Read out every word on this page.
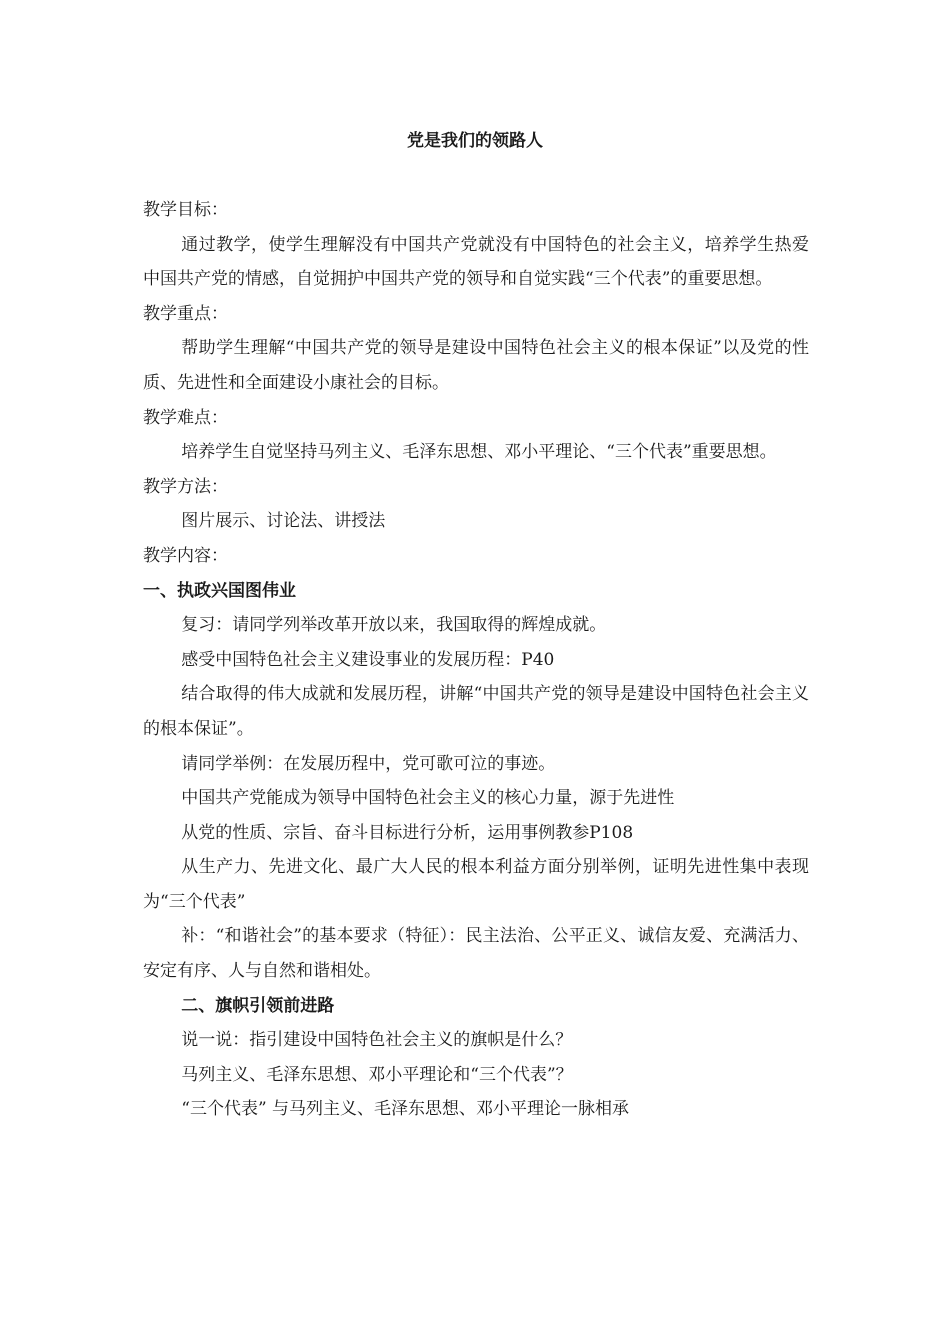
党是我们的领路人

教学目标：

通过教学，使学生理解没有中国共产党就没有中国特色的社会主义，培养学生热爱中国共产党的情感，自觉拥护中国共产党的领导和自觉实践“三个代表”的重要思想。

教学重点：

帮助学生理解“中国共产党的领导是建设中国特色社会主义的根本保证”以及党的性质、先进性和全面建设小康社会的目标。

教学难点：

培养学生自觉坚持马列主义、毛泽东思想、邓小平理论、“三个代表”重要思想。

教学方法：

图片展示、讨论法、讲授法

教学内容：

一、执政兴国图伟业

复习：请同学列举改革开放以来，我国取得的辉煌成就。

感受中国特色社会主义建设事业的发展历程：P40

结合取得的伟大成就和发展历程，讲解“中国共产党的领导是建设中国特色社会主义的根本保证”。

请同学举例：在发展历程中，党可歌可泣的事迹。

中国共产党能成为领导中国特色社会主义的核心力量，源于先进性

从党的性质、宗旨、奋斗目标进行分析，运用事例教参P108

从生产力、先进文化、最广大人民的根本利益方面分别举例，证明先进性集中表现为“三个代表”

补：“和谐社会”的基本要求（特征）：民主法治、公平正义、诚信友爱、充满活力、安定有序、人与自然和谐相处。

二、旗帜引领前进路

说一说：指引建设中国特色社会主义的旗帜是什么？

马列主义、毛泽东思想、邓小平理论和“三个代表”？

“三个代表” 与马列主义、毛泽东思想、邓小平理论一脉相承
